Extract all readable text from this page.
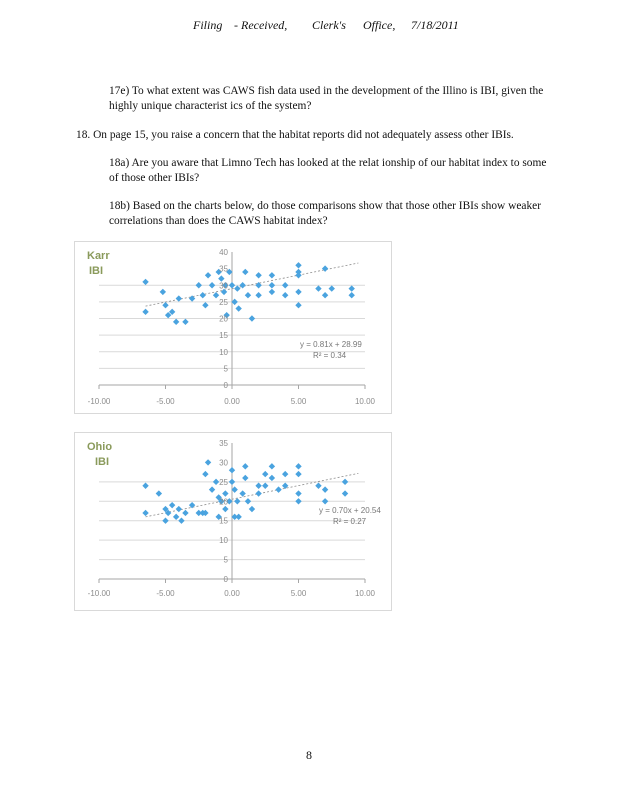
Filing - Received, Clerk's Office, 7/18/2011
17e) To what extent was CAWS fish data used in the development of the Illino is IBI, given the highly unique characterist ics of the system?
18. On page 15, you raise a concern that the habitat reports did not adequately assess other IBIs.
18a) Are you aware that Limno Tech has looked at the relat ionship of our habitat index to some of those other IBIs?
18b) Based on the charts below, do those comparisons show that those other IBIs show weaker correlations than does the CAWS habitat index?
40
35
30
25
20
15
10
5
0
-10.00	-5.00	0.00	5.00	10.00
Karr
IBI
y = 0.81x + 28.99
R² = 0.34
35
30
25
20
15
10
5
0
-10.00	-5.00	0.00	5.00	10.00
Ohio
IBI
y = 0.70x + 20.54
R² = 0.27
8
